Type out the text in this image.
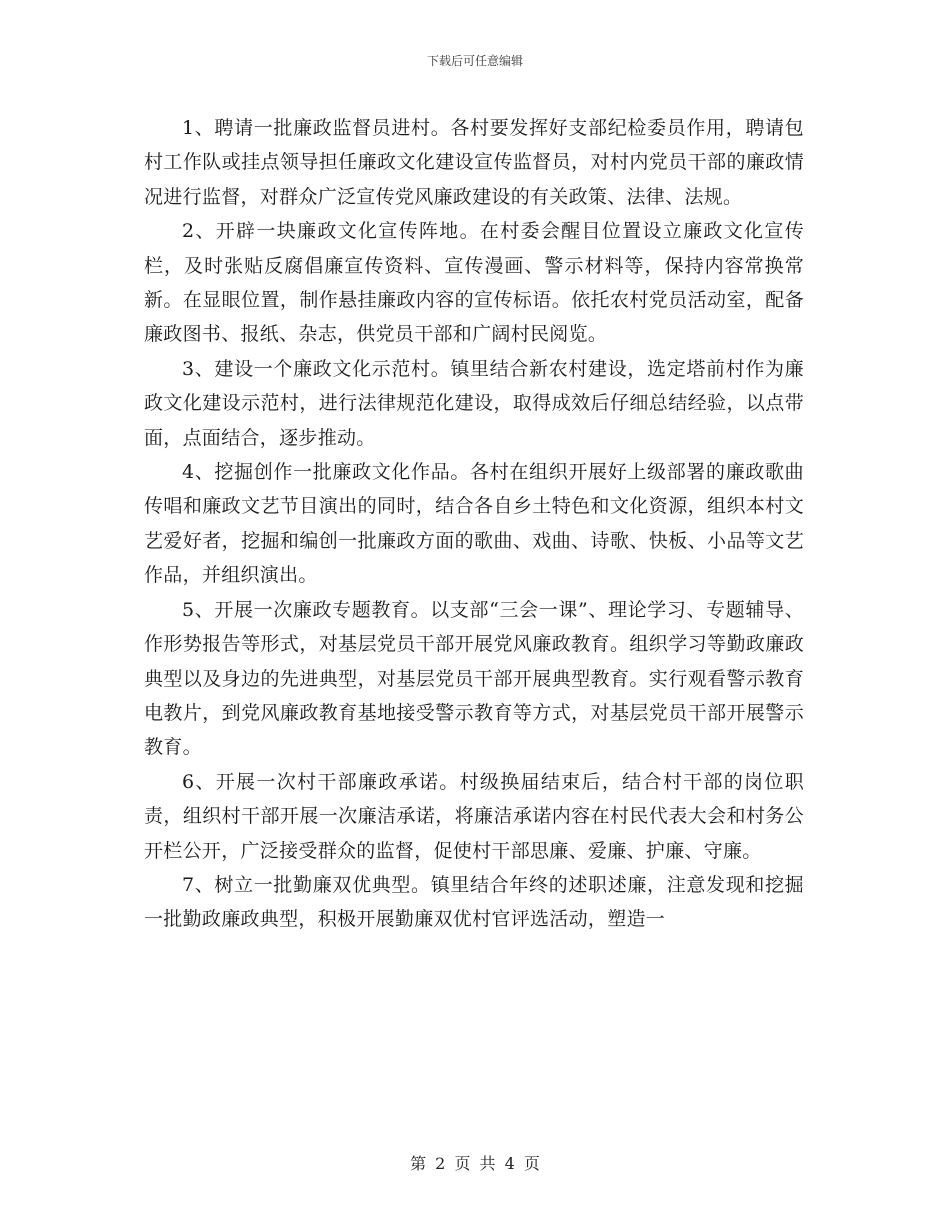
下载后可任意编辑

1、聘请一批廉政监督员进村。各村要发挥好支部纪检委员作用，聘请包村工作队或挂点领导担任廉政文化建设宣传监督员，对村内党员干部的廉政情况进行监督，对群众广泛宣传党风廉政建设的有关政策、法律、法规。

2、开辟一块廉政文化宣传阵地。在村委会醒目位置设立廉政文化宣传栏，及时张贴反腐倡廉宣传资料、宣传漫画、警示材料等，保持内容常换常新。在显眼位置，制作悬挂廉政内容的宣传标语。依托农村党员活动室，配备廉政图书、报纸、杂志，供党员干部和广阔村民阅览。

3、建设一个廉政文化示范村。镇里结合新农村建设，选定塔前村作为廉政文化建设示范村，进行法律规范化建设，取得成效后仔细总结经验，以点带面，点面结合，逐步推动。

4、挖掘创作一批廉政文化作品。各村在组织开展好上级部署的廉政歌曲传唱和廉政文艺节目演出的同时，结合各自乡土特色和文化资源，组织本村文艺爱好者，挖掘和编创一批廉政方面的歌曲、戏曲、诗歌、快板、小品等文艺作品，并组织演出。

5、开展一次廉政专题教育。以支部“三会一课”、理论学习、专题辅导、作形势报告等形式，对基层党员干部开展党风廉政教育。组织学习等勤政廉政典型以及身边的先进典型，对基层党员干部开展典型教育。实行观看警示教育电教片，到党风廉政教育基地接受警示教育等方式，对基层党员干部开展警示教育。

6、开展一次村干部廉政承诺。村级换届结束后，结合村干部的岗位职责，组织村干部开展一次廉洁承诺，将廉洁承诺内容在村民代表大会和村务公开栏公开，广泛接受群众的监督，促使村干部思廉、爱廉、护廉、守廉。

7、树立一批勤廉双优典型。镇里结合年终的述职述廉，注意发现和挖掘一批勤政廉政典型，积极开展勤廉双优村官评选活动，塑造一

第 2 页 共 4 页
